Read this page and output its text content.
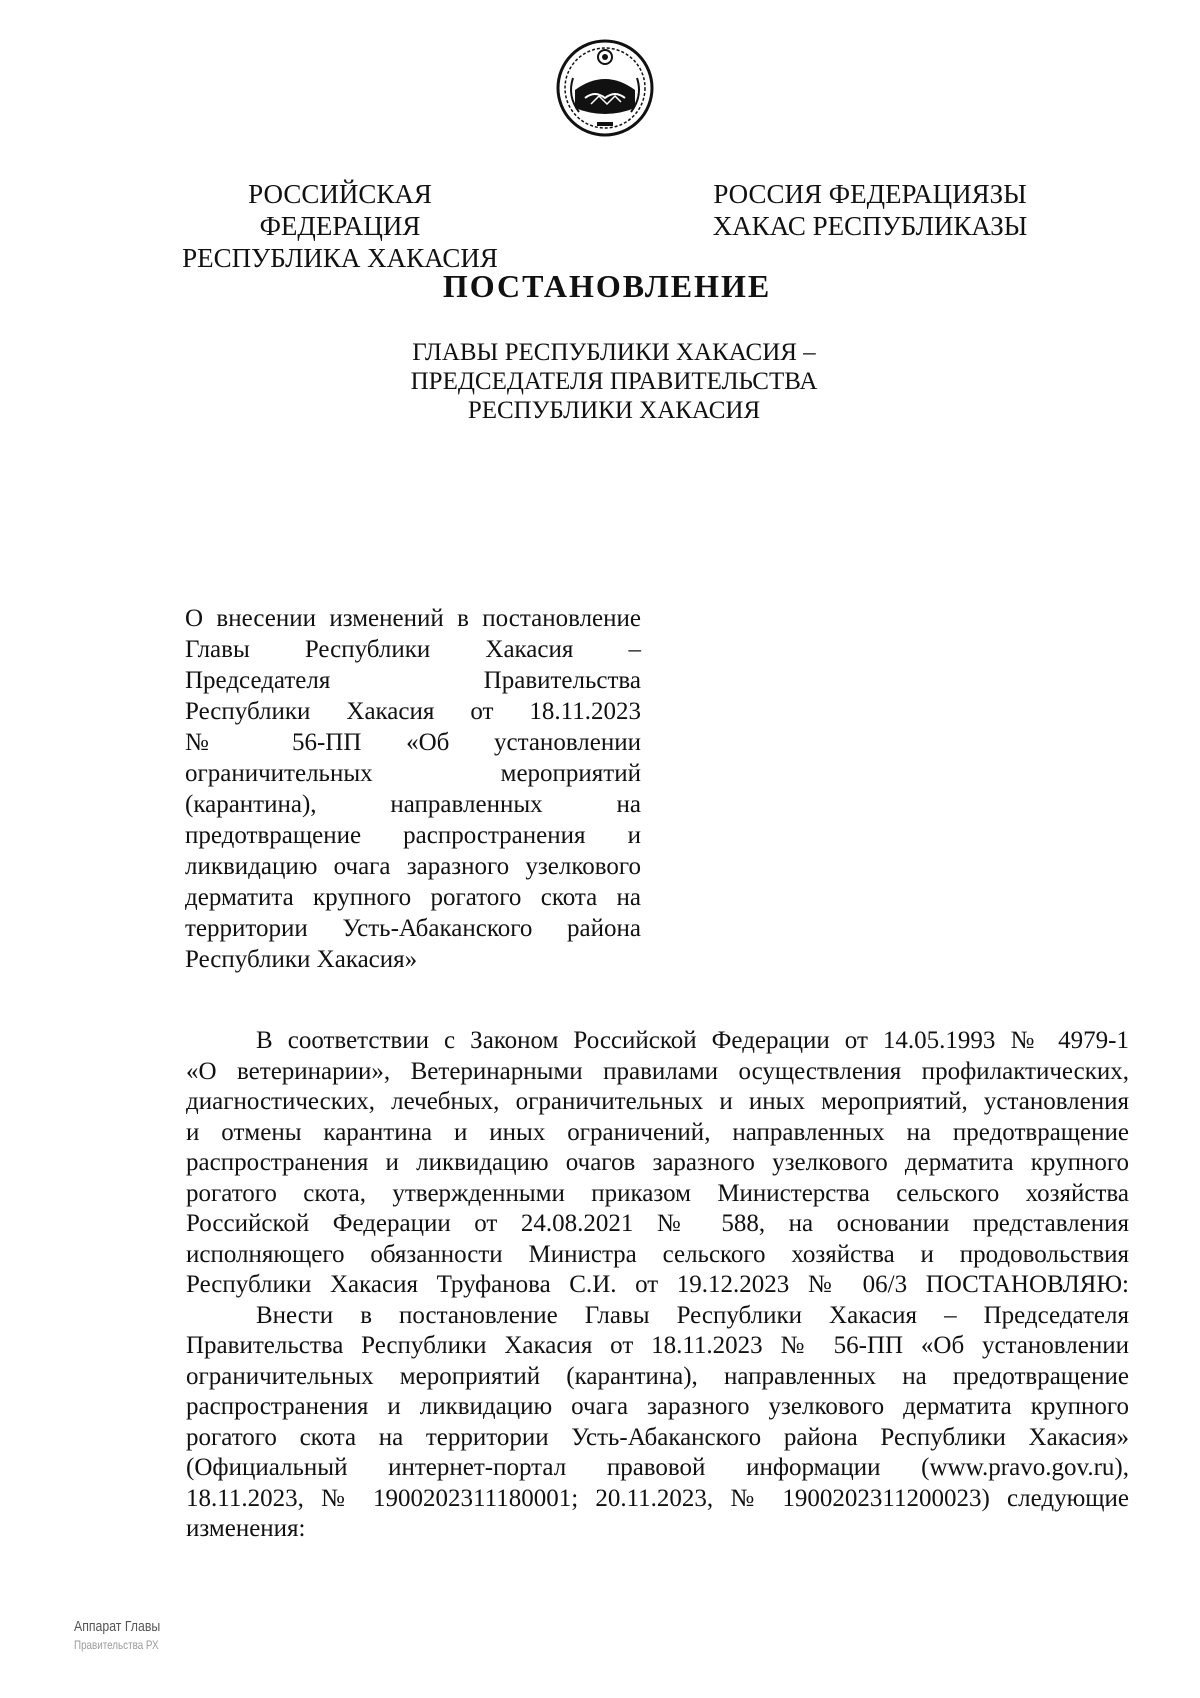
РОССИЙСКАЯ ФЕДЕРАЦИЯ
РЕСПУБЛИКА ХАКАСИЯ
РОССИЯ ФЕДЕРАЦИЯЗЫ
ХАКАС РЕСПУБЛИКАЗЫ
ПОСТАНОВЛЕНИЕ
ГЛАВЫ РЕСПУБЛИКИ ХАКАСИЯ –
ПРЕДСЕДАТЕЛЯ ПРАВИТЕЛЬСТВА
РЕСПУБЛИКИ ХАКАСИЯ
О внесении изменений в постановление
Главы Республики Хакасия –
Председателя Правительства
Республики Хакасия от 18.11.2023
№ 56-ПП «Об установлении
ограничительных мероприятий
(карантина), направленных на
предотвращение распространения и
ликвидацию очага заразного узелкового
дерматита крупного рогатого скота на
территории Усть-Абаканского района
Республики Хакасия»
В соответствии с Законом Российской Федерации от 14.05.1993 № 4979-1
«О ветеринарии», Ветеринарными правилами осуществления профилактических,
диагностических, лечебных, ограничительных и иных мероприятий, установления
и отмены карантина и иных ограничений, направленных на предотвращение
распространения и ликвидацию очагов заразного узелкового дерматита крупного
рогатого скота, утвержденными приказом Министерства сельского хозяйства
Российской Федерации от 24.08.2021 № 588, на основании представления
исполняющего обязанности Министра сельского хозяйства и продовольствия
Республики Хакасия Труфанова С.И. от 19.12.2023 № 06/3 ПОСТАНОВЛЯЮ:
Внести в постановление Главы Республики Хакасия – Председателя
Правительства Республики Хакасия от 18.11.2023 № 56-ПП «Об установлении
ограничительных мероприятий (карантина), направленных на предотвращение
распространения и ликвидацию очага заразного узелкового дерматита крупного
рогатого скота на территории Усть-Абаканского района Республики Хакасия»
(Официальный интернет-портал правовой информации (www.pravo.gov.ru),
18.11.2023, № 1900202311180001; 20.11.2023, № 1900202311200023) следующие
изменения:
Аппарат Главы
Правительства РХ
